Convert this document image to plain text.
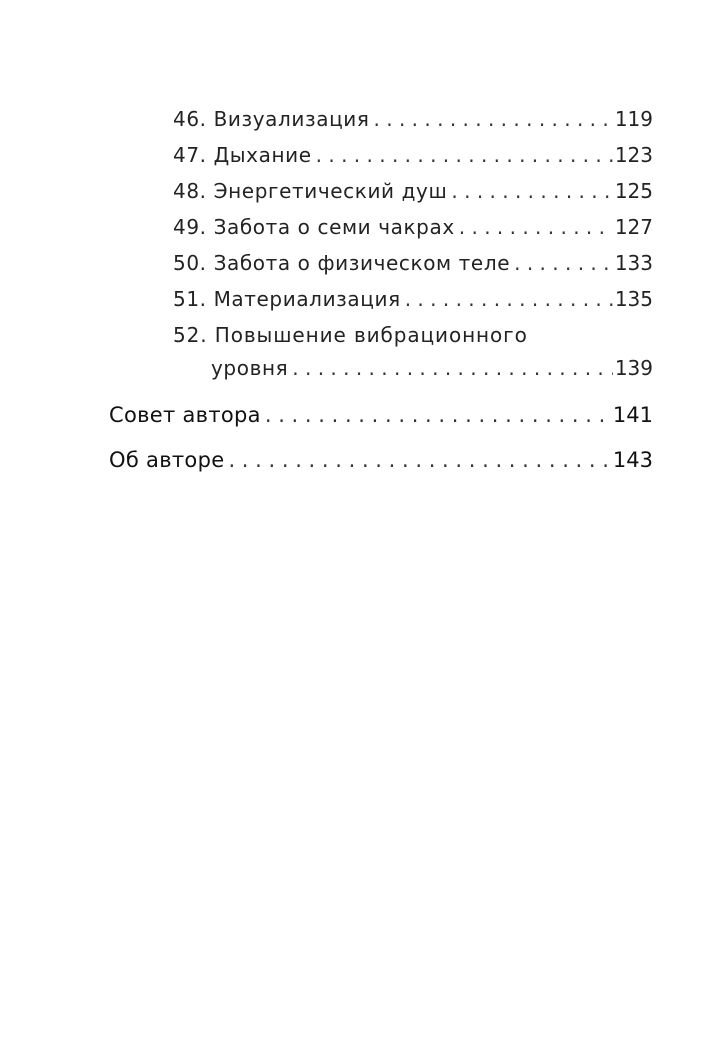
46. Визуализация . . .	119
47. Дыхание . . .	123
48. Энергетический душ . . .	125
49. Забота о семи чакрах . . .	127
50. Забота о физическом теле . . .	133
51. Материализация . . .	135
52. Повышение вибрационного
уровня . . .	139
Совет автора . . .	141
Об авторе . . .	143
